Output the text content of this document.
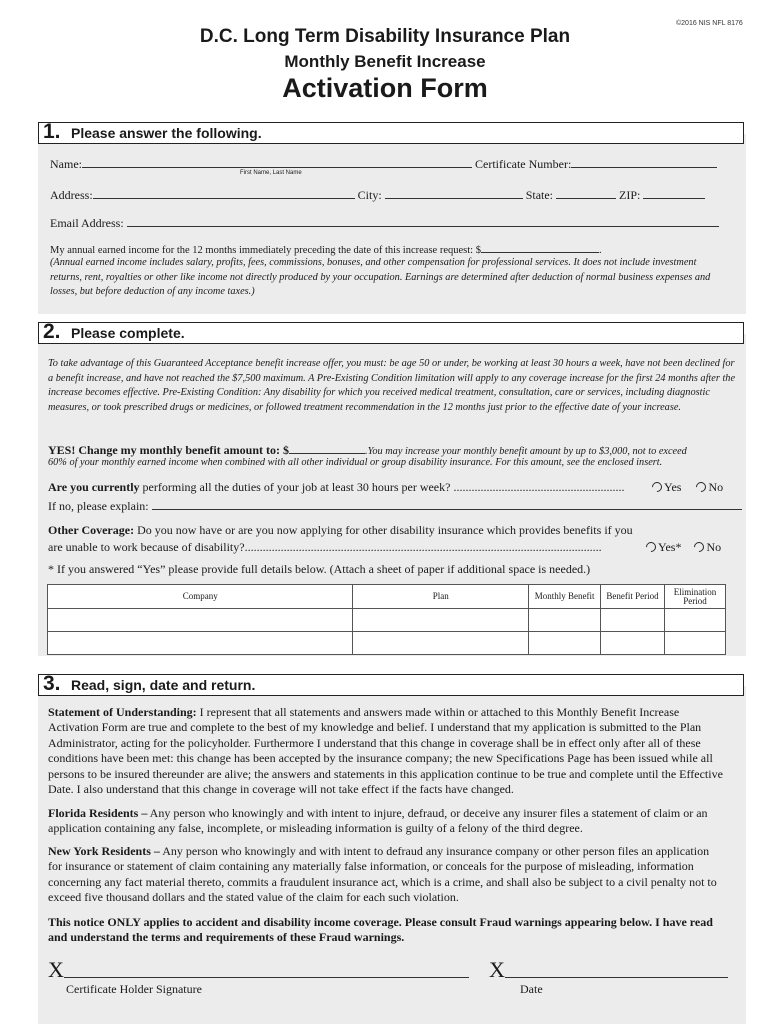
©2016 NIS NFL 8176
D.C. Long Term Disability Insurance Plan
Monthly Benefit Increase
Activation Form
1. Please answer the following.
Name:	Certificate Number:
First Name, Last Name
Address:	City:	State:	ZIP:
Email Address:
My annual earned income for the 12 months immediately preceding the date of this increase request: $	.
(Annual earned income includes salary, profits, fees, commissions, bonuses, and other compensation for professional services. It does not include investment returns, rent, royalties or other like income not directly produced by your occupation. Earnings are determined after deduction of normal business expenses and losses, but before deduction of any income taxes.)
2. Please complete.
To take advantage of this Guaranteed Acceptance benefit increase offer, you must: be age 50 or under, be working at least 30 hours a week, have not been declined for a benefit increase, and have not reached the $7,500 maximum. A Pre-Existing Condition limitation will apply to any coverage increase for the first 24 months after the increase becomes effective. Pre-Existing Condition: Any disability for which you received medical treatment, consultation, care or services, including diagnostic measures, or took prescribed drugs or medicines, or followed treatment recommendation in the 12 months just prior to the effective date of your increase.
YES! Change my monthly benefit amount to: $	.You may increase your monthly benefit amount by up to $3,000, not to exceed
60% of your monthly earned income when combined with all other individual or group disability insurance. For this amount, see the enclosed insert.
Are you currently performing all the duties of your job at least 30 hours per week? .........................................................	Yes No
If no, please explain:
Other Coverage: Do you now have or are you now applying for other disability insurance which provides benefits if you
are unable to work because of disability?.......................................................................................................................	Yes* No
* If you answered “Yes” please provide full details below. (Attach a sheet of paper if additional space is needed.)
Company	Plan	Monthly Benefit	Benefit Period	Elimination Period

3. Read, sign, date and return.
Statement of Understanding: I represent that all statements and answers made within or attached to this Monthly Benefit Increase Activation Form are true and complete to the best of my knowledge and belief. I understand that my application is submitted to the Plan Administrator, acting for the policyholder. Furthermore I understand that this change in coverage shall be in effect only after all of these conditions have been met: this change has been accepted by the insurance company; the new Specifications Page has been issued while all persons to be insured thereunder are alive; the answers and statements in this application continue to be true and complete until the Effective Date. I also understand that this change in coverage will not take effect if the facts have changed.
Florida Residents – Any person who knowingly and with intent to injure, defraud, or deceive any insurer files a statement of claim or an application containing any false, incomplete, or misleading information is guilty of a felony of the third degree.
New York Residents – Any person who knowingly and with intent to defraud any insurance company or other person files an application for insurance or statement of claim containing any materially false information, or conceals for the purpose of misleading, information concerning any fact material thereto, commits a fraudulent insurance act, which is a crime, and shall also be subject to a civil penalty not to exceed five thousand dollars and the stated value of the claim for each such violation.
This notice ONLY applies to accident and disability income coverage. Please consult Fraud warnings appearing below. I have read and understand the terms and requirements of these Fraud warnings.
X
Certificate Holder Signature
X
Date
